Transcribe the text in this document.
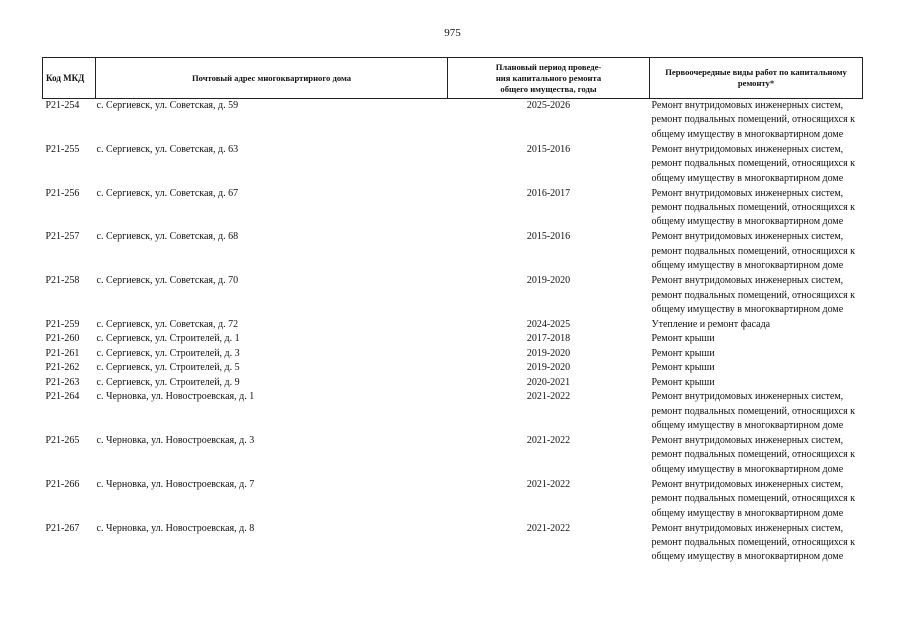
975
Код МКД	Почтовый адрес многоквартирного дома	Плановый период проведе-
ния капитального ремонта
общего имущества, годы	Первоочередные виды работ по капитальному
ремонту*

Р21-254	с. Сергиевск, ул. Советская, д. 59	2025-2026	Ремонт внутридомовых инженерных систем,
ремонт подвальных помещений, относящихся к
общему имуществу в многоквартирном доме

Р21-255	с. Сергиевск, ул. Советская, д. 63	2015-2016	Ремонт внутридомовых инженерных систем,
ремонт подвальных помещений, относящихся к
общему имуществу в многоквартирном доме

Р21-256	с. Сергиевск, ул. Советская, д. 67	2016-2017	Ремонт внутридомовых инженерных систем,
ремонт подвальных помещений, относящихся к
общему имуществу в многоквартирном доме

Р21-257	с. Сергиевск, ул. Советская, д. 68	2015-2016	Ремонт внутридомовых инженерных систем,
ремонт подвальных помещений, относящихся к
общему имуществу в многоквартирном доме

Р21-258	с. Сергиевск, ул. Советская, д. 70	2019-2020	Ремонт внутридомовых инженерных систем,
ремонт подвальных помещений, относящихся к
общему имуществу в многоквартирном доме

Р21-259	с. Сергиевск, ул. Советская, д. 72	2024-2025	Утепление и ремонт фасада

Р21-260	с. Сергиевск, ул. Строителей, д. 1	2017-2018	Ремонт крыши

Р21-261	с. Сергиевск, ул. Строителей, д. 3	2019-2020	Ремонт крыши

Р21-262	с. Сергиевск, ул. Строителей, д. 5	2019-2020	Ремонт крыши

Р21-263	с. Сергиевск, ул. Строителей, д. 9	2020-2021	Ремонт крыши

Р21-264	с. Черновка, ул. Новостроевская, д. 1	2021-2022	Ремонт внутридомовых инженерных систем,
ремонт подвальных помещений, относящихся к
общему имуществу в многоквартирном доме

Р21-265	с. Черновка, ул. Новостроевская, д. 3	2021-2022	Ремонт внутридомовых инженерных систем,
ремонт подвальных помещений, относящихся к
общему имуществу в многоквартирном доме

Р21-266	с. Черновка, ул. Новостроевская, д. 7	2021-2022	Ремонт внутридомовых инженерных систем,
ремонт подвальных помещений, относящихся к
общему имуществу в многоквартирном доме

Р21-267	с. Черновка, ул. Новостроевская, д. 8	2021-2022	Ремонт внутридомовых инженерных систем,
ремонт подвальных помещений, относящихся к
общему имуществу в многоквартирном доме
